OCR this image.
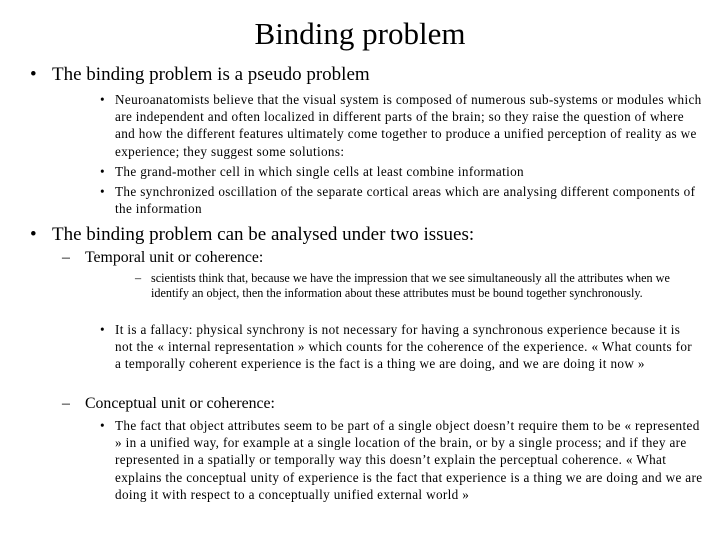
Binding problem
• The binding problem is a pseudo problem
• Neuroanatomists believe that the visual system is composed of numerous sub-systems or modules which are independent and often localized in different parts of the brain; so they raise the question of where and how the different features ultimately come together to produce a unified perception of reality as we experience; they suggest some solutions:
• The grand-mother cell in which single cells at least combine information
• The synchronized oscillation of the separate cortical areas which are analysing different components of the information
• The binding problem can be analysed under two issues:
– Temporal unit or coherence:
– scientists think that, because we have the impression that we see simultaneously all the attributes when we identify an object, then the information about these attributes must be bound together synchronously.
• It is a fallacy: physical synchrony is not necessary for having a synchronous experience because it is not the « internal representation » which counts for the coherence of the experience. « What counts for a temporally coherent experience is the fact is a thing we are doing, and we are doing it now »
– Conceptual unit or coherence:
• The fact that object attributes seem to be part of a single object doesn’t require them to be « represented » in a unified way, for example at a single location of the brain, or by a single process; and if they are represented in a spatially or temporally way this doesn’t explain the perceptual coherence. « What explains the conceptual unity of experience is the fact that experience is a thing we are doing and we are doing it with respect to a conceptually unified external world »
